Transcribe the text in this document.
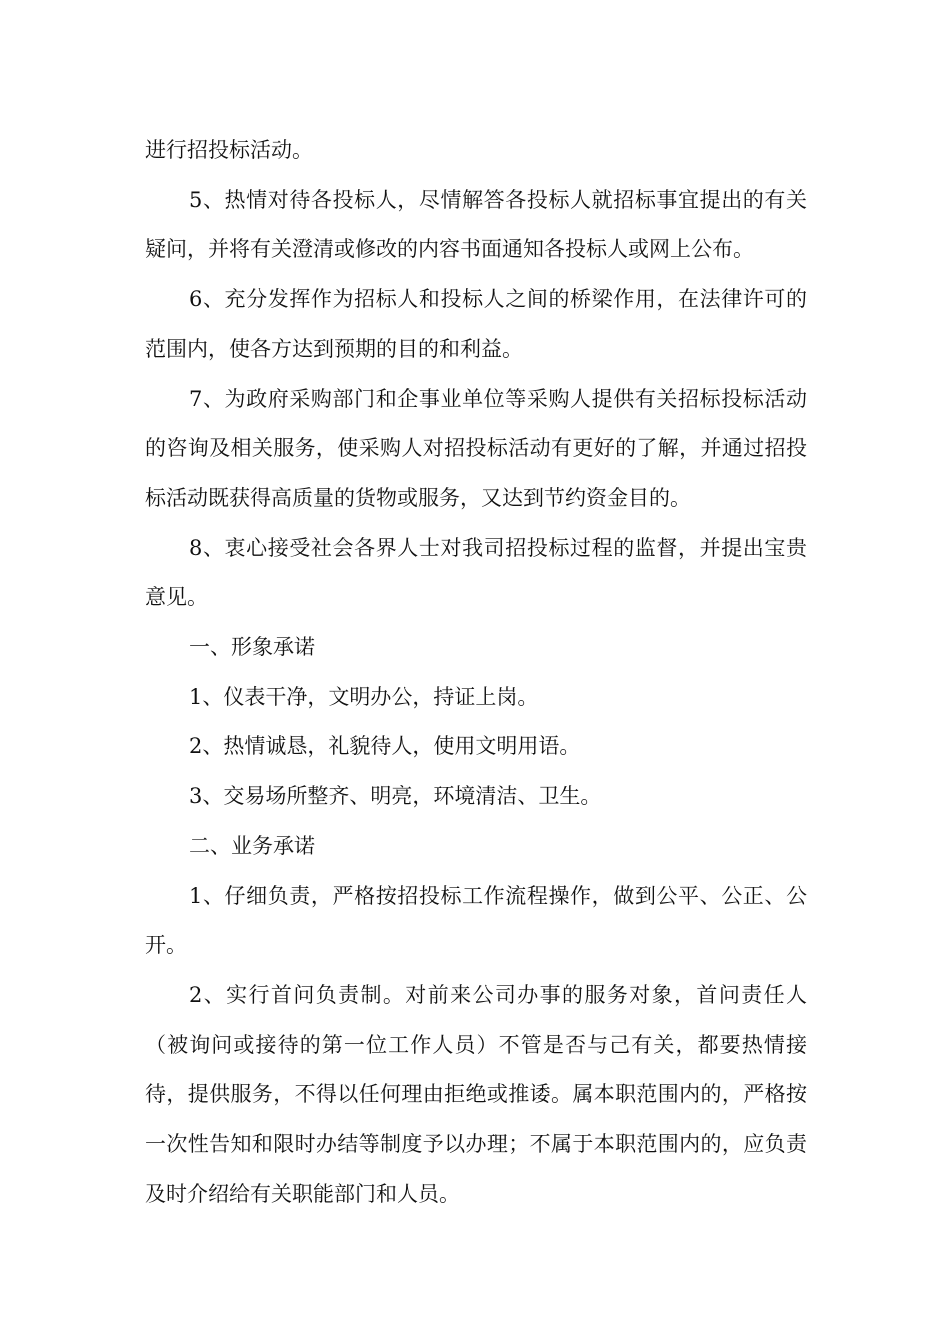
进行招投标活动。

5、热情对待各投标人，尽情解答各投标人就招标事宜提出的有关疑问，并将有关澄清或修改的内容书面通知各投标人或网上公布。

6、充分发挥作为招标人和投标人之间的桥梁作用，在法律许可的范围内，使各方达到预期的目的和利益。

7、为政府采购部门和企事业单位等采购人提供有关招标投标活动的咨询及相关服务，使采购人对招投标活动有更好的了解，并通过招投标活动既获得高质量的货物或服务，又达到节约资金目的。

8、衷心接受社会各界人士对我司招投标过程的监督，并提出宝贵意见。

一、形象承诺

1、仪表干净，文明办公，持证上岗。

2、热情诚恳，礼貌待人，使用文明用语。

3、交易场所整齐、明亮，环境清洁、卫生。

二、业务承诺

1、仔细负责，严格按招投标工作流程操作，做到公平、公正、公开。

2、实行首问负责制。对前来公司办事的服务对象，首问责任人（被询问或接待的第一位工作人员）不管是否与己有关，都要热情接待，提供服务，不得以任何理由拒绝或推诿。属本职范围内的，严格按一次性告知和限时办结等制度予以办理；不属于本职范围内的，应负责及时介绍给有关职能部门和人员。
